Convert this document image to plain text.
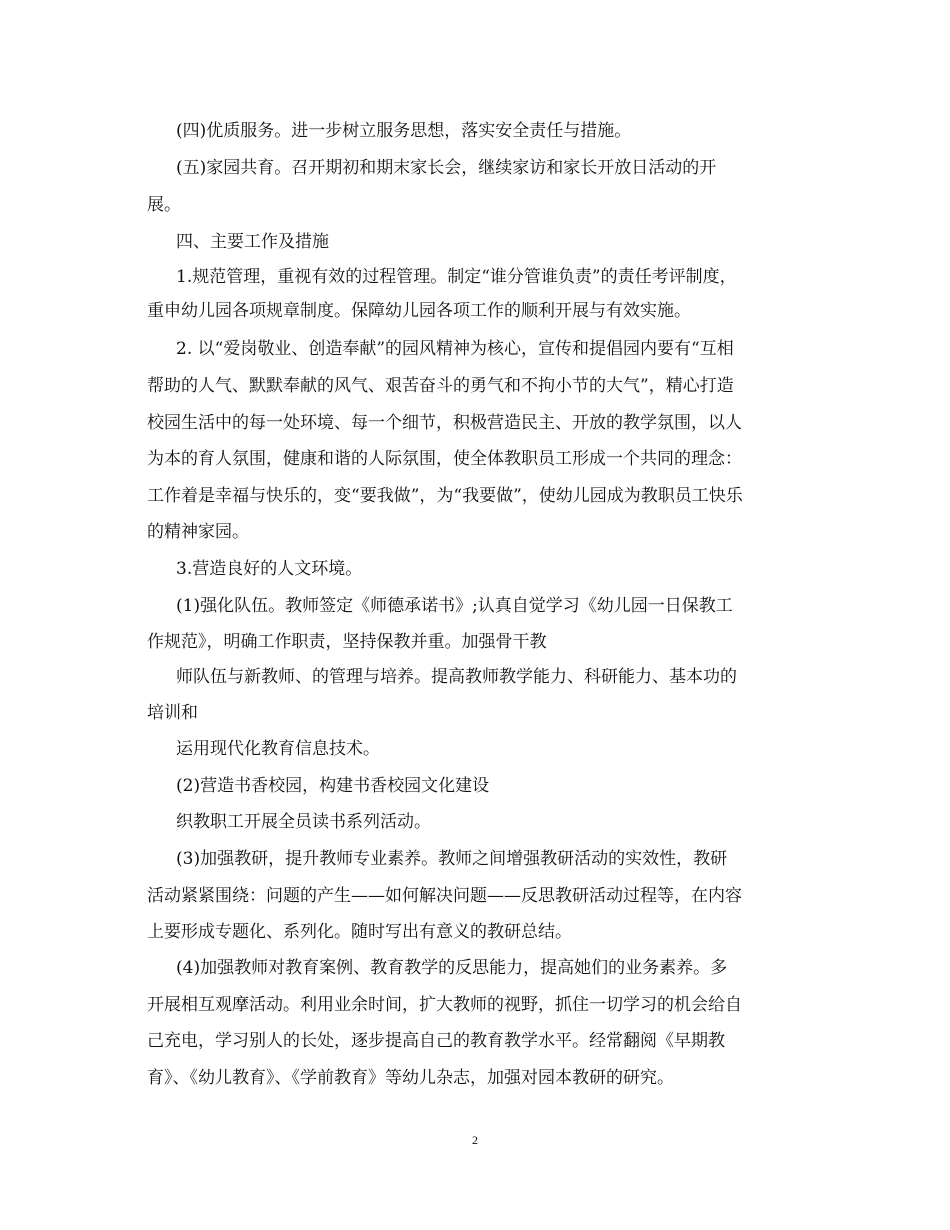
(四)优质服务。进一步树立服务思想，落实安全责任与措施。
(五)家园共育。召开期初和期末家长会，继续家访和家长开放日活动的开
展。
四、主要工作及措施
1.规范管理，重视有效的过程管理。制定“谁分管谁负责”的责任考评制度，
重申幼儿园各项规章制度。保障幼儿园各项工作的顺利开展与有效实施。
2. 以“爱岗敬业、创造奉献”的园风精神为核心，宣传和提倡园内要有“互相
帮助的人气、默默奉献的风气、艰苦奋斗的勇气和不拘小节的大气”，精心打造
校园生活中的每一处环境、每一个细节，积极营造民主、开放的教学氛围，以人
为本的育人氛围，健康和谐的人际氛围，使全体教职员工形成一个共同的理念：
工作着是幸福与快乐的，变“要我做”，为“我要做”，使幼儿园成为教职员工快乐
的精神家园。
3.营造良好的人文环境。
(1)强化队伍。教师签定《师德承诺书》;认真自觉学习《幼儿园一日保教工
作规范》，明确工作职责，坚持保教并重。加强骨干教
师队伍与新教师、的管理与培养。提高教师教学能力、科研能力、基本功的
培训和
运用现代化教育信息技术。
(2)营造书香校园，构建书香校园文化建设
织教职工开展全员读书系列活动。
(3)加强教研，提升教师专业素养。教师之间增强教研活动的实效性，教研
活动紧紧围绕：问题的产生——如何解决问题——反思教研活动过程等，在内容
上要形成专题化、系列化。随时写出有意义的教研总结。
(4)加强教师对教育案例、教育教学的反思能力，提高她们的业务素养。多
开展相互观摩活动。利用业余时间，扩大教师的视野，抓住一切学习的机会给自
己充电，学习别人的长处，逐步提高自己的教育教学水平。经常翻阅《早期教
育》、《幼儿教育》、《学前教育》等幼儿杂志，加强对园本教研的研究。
2
